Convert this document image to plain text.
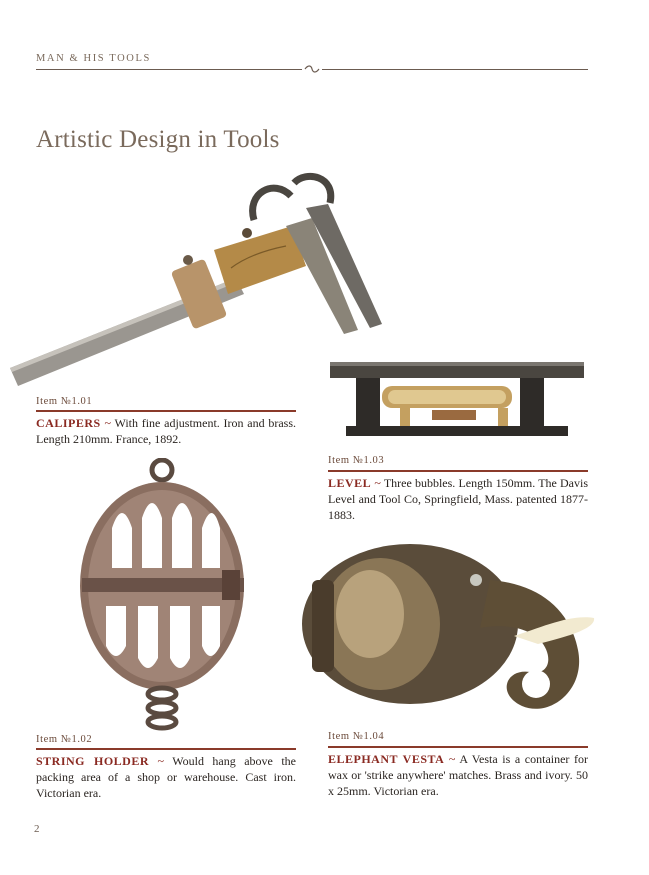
MAN & HIS TOOLS
Artistic Design in Tools
Item №1.01
CALIPERS ~ With fine adjustment. Iron and brass. Length 210mm. France, 1892.
Item №1.03
LEVEL ~ Three bubbles. Length 150mm. The Davis Level and Tool Co, Springfield, Mass. patented 1877-1883.
Item №1.02
STRING HOLDER ~ Would hang above the packing area of a shop or warehouse. Cast iron. Victorian era.
Item №1.04
ELEPHANT VESTA ~ A Vesta is a container for wax or 'strike anywhere' matches. Brass and ivory. 50 x 25mm. Victorian era.
2
